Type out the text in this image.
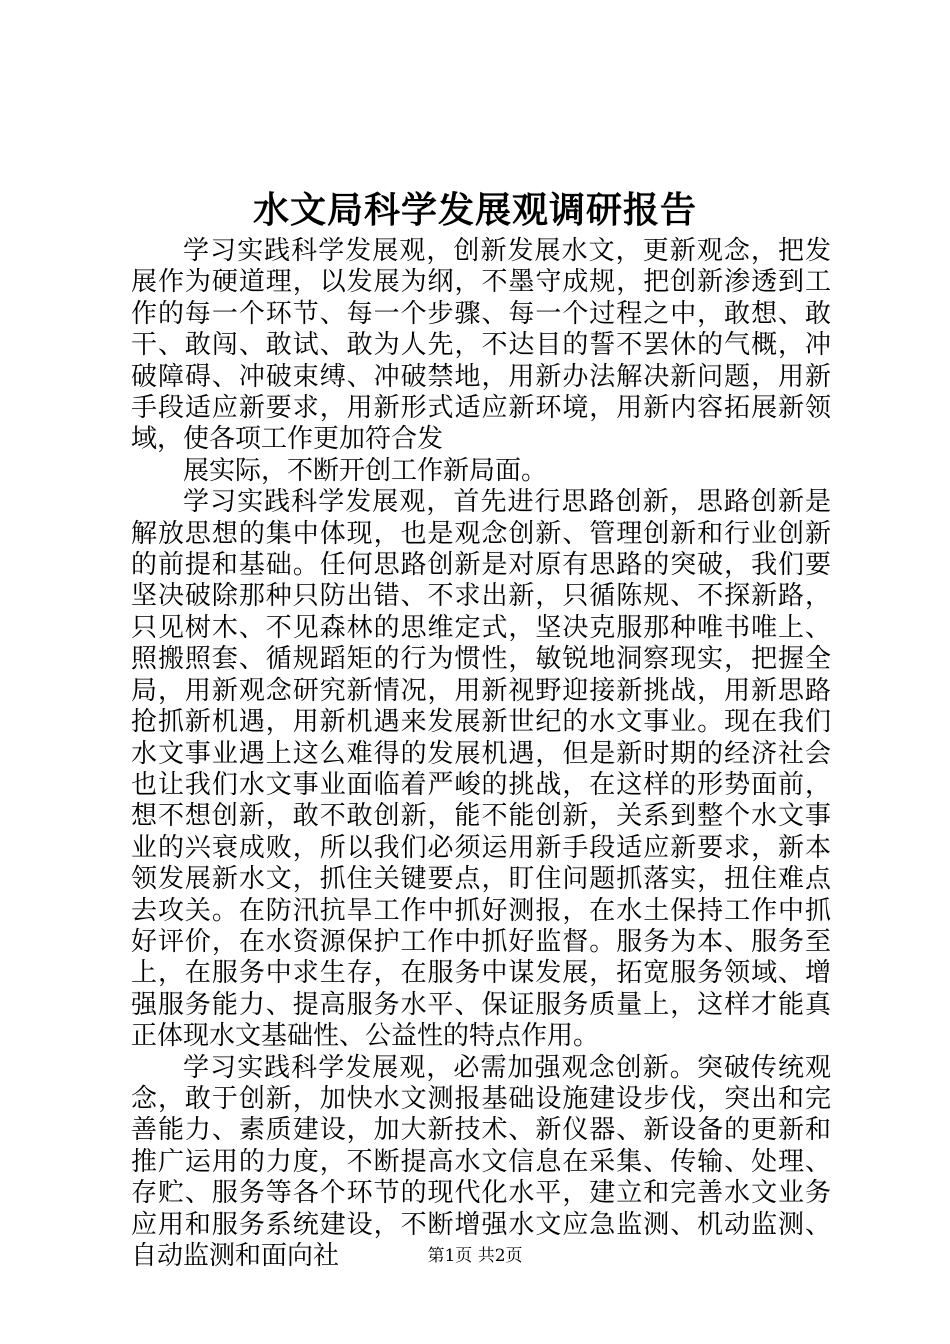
水文局科学发展观调研报告

学习实践科学发展观，创新发展水文，更新观念，把发展作为硬道理，以发展为纲，不墨守成规，把创新渗透到工作的每一个环节、每一个步骤、每一个过程之中，敢想、敢干、敢闯、敢试、敢为人先，不达目的誓不罢休的气概，冲破障碍、冲破束缚、冲破禁地，用新办法解决新问题，用新手段适应新要求，用新形式适应新环境，用新内容拓展新领域，使各项工作更加符合发

展实际，不断开创工作新局面。

学习实践科学发展观，首先进行思路创新，思路创新是解放思想的集中体现，也是观念创新、管理创新和行业创新的前提和基础。任何思路创新是对原有思路的突破，我们要坚决破除那种只防出错、不求出新，只循陈规、不探新路，只见树木、不见森林的思维定式，坚决克服那种唯书唯上、照搬照套、循规蹈矩的行为惯性，敏锐地洞察现实，把握全局，用新观念研究新情况，用新视野迎接新挑战，用新思路抢抓新机遇，用新机遇来发展新世纪的水文事业。现在我们水文事业遇上这么难得的发展机遇，但是新时期的经济社会也让我们水文事业面临着严峻的挑战，在这样的形势面前，想不想创新，敢不敢创新，能不能创新，关系到整个水文事业的兴衰成败，所以我们必须运用新手段适应新要求，新本领发展新水文，抓住关键要点，盯住问题抓落实，扭住难点去攻关。在防汛抗旱工作中抓好测报，在水土保持工作中抓好评价，在水资源保护工作中抓好监督。服务为本、服务至上，在服务中求生存，在服务中谋发展，拓宽服务领域、增强服务能力、提高服务水平、保证服务质量上，这样才能真正体现水文基础性、公益性的特点作用。

学习实践科学发展观，必需加强观念创新。突破传统观念，敢于创新，加快水文测报基础设施建设步伐，突出和完善能力、素质建设，加大新技术、新仪器、新设备的更新和推广运用的力度，不断提高水文信息在采集、传输、处理、存贮、服务等各个环节的现代化水平，建立和完善水文业务应用和服务系统建设，不断增强水文应急监测、机动监测、自动监测和面向社	第1页 共2页
